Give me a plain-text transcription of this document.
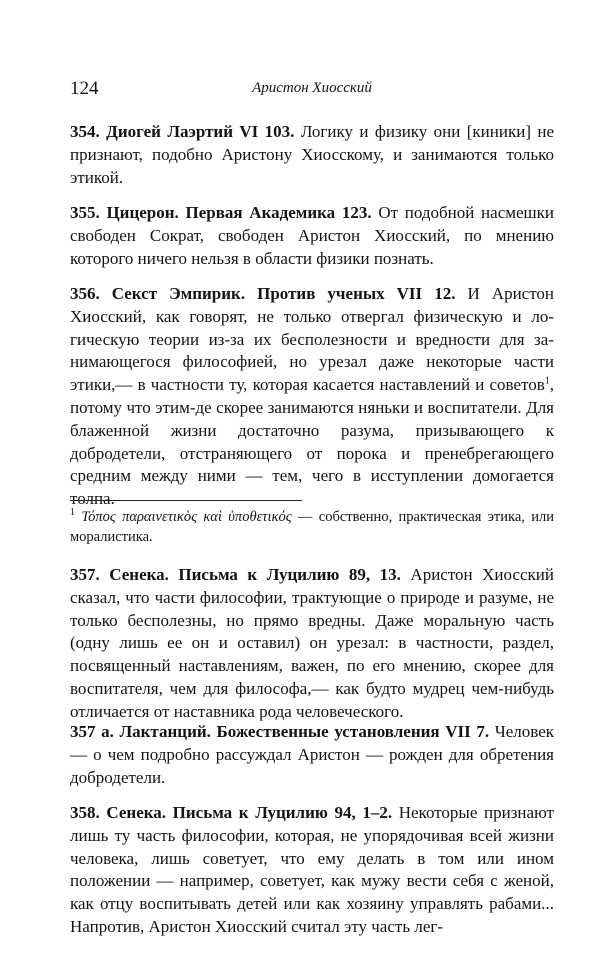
124	Аристон Хиосский

354. Диогей Лаэртий VI 103. Логику и физику они [киники] не признают, подобно Аристону Хиосскому, и занимаются только этикой.

355. Цицерон. Первая Академика 123. От подобной насмешки свободен Сократ, свободен Аристон Хиосский, по мнению которого ничего нельзя в области физики познать.

356. Секст Эмпирик. Против ученых VII 12. И Аристон Хиосский, как говорят, не только отвергал физическую и логическую теории из-за их бесполезности и вредности для занимающегося философией, но урезал даже некоторые части этики,— в частности ту, которая касается наставлений и советов$^1$, потому что этим-де скорее занимаются няньки и воспитатели. Для блаженной жизни достаточно разума, призывающего к добродетели, отстраняющего от порока и пренебрегающего средним между ними — тем, чего в исступлении домогается толпа.

$^1$ Τόπος παραινετικὸς καὶ ὑποθετικός — собственно, практическая этика, или моралистика.

357. Сенека. Письма к Луцилию 89, 13. Аристон Хиосский сказал, что части философии, трактующие о природе и разуме, не только бесполезны, но прямо вредны. Даже моральную часть (одну лишь ее он и оставил) он урезал: в частности, раздел, посвященный наставлениям, важен, по его мнению, скорее для воспитателя, чем для философа,— как будто мудрец чем-нибудь отличается от наставника рода человеческого.

357 а. Лактанций. Божественные установления VII 7. Человек — о чем подробно рассуждал Аристон — рожден для обретения добродетели.

358. Сенека. Письма к Луцилию 94, 1–2. Некоторые признают лишь ту часть философии, которая, не упорядочивая всей жизни человека, лишь советует, что ему делать в том или ином положении — например, советует, как мужу вести себя с женой, как отцу воспитывать детей или как хозяину управлять рабами... Напротив, Аристон Хиосский считал эту часть лег-
